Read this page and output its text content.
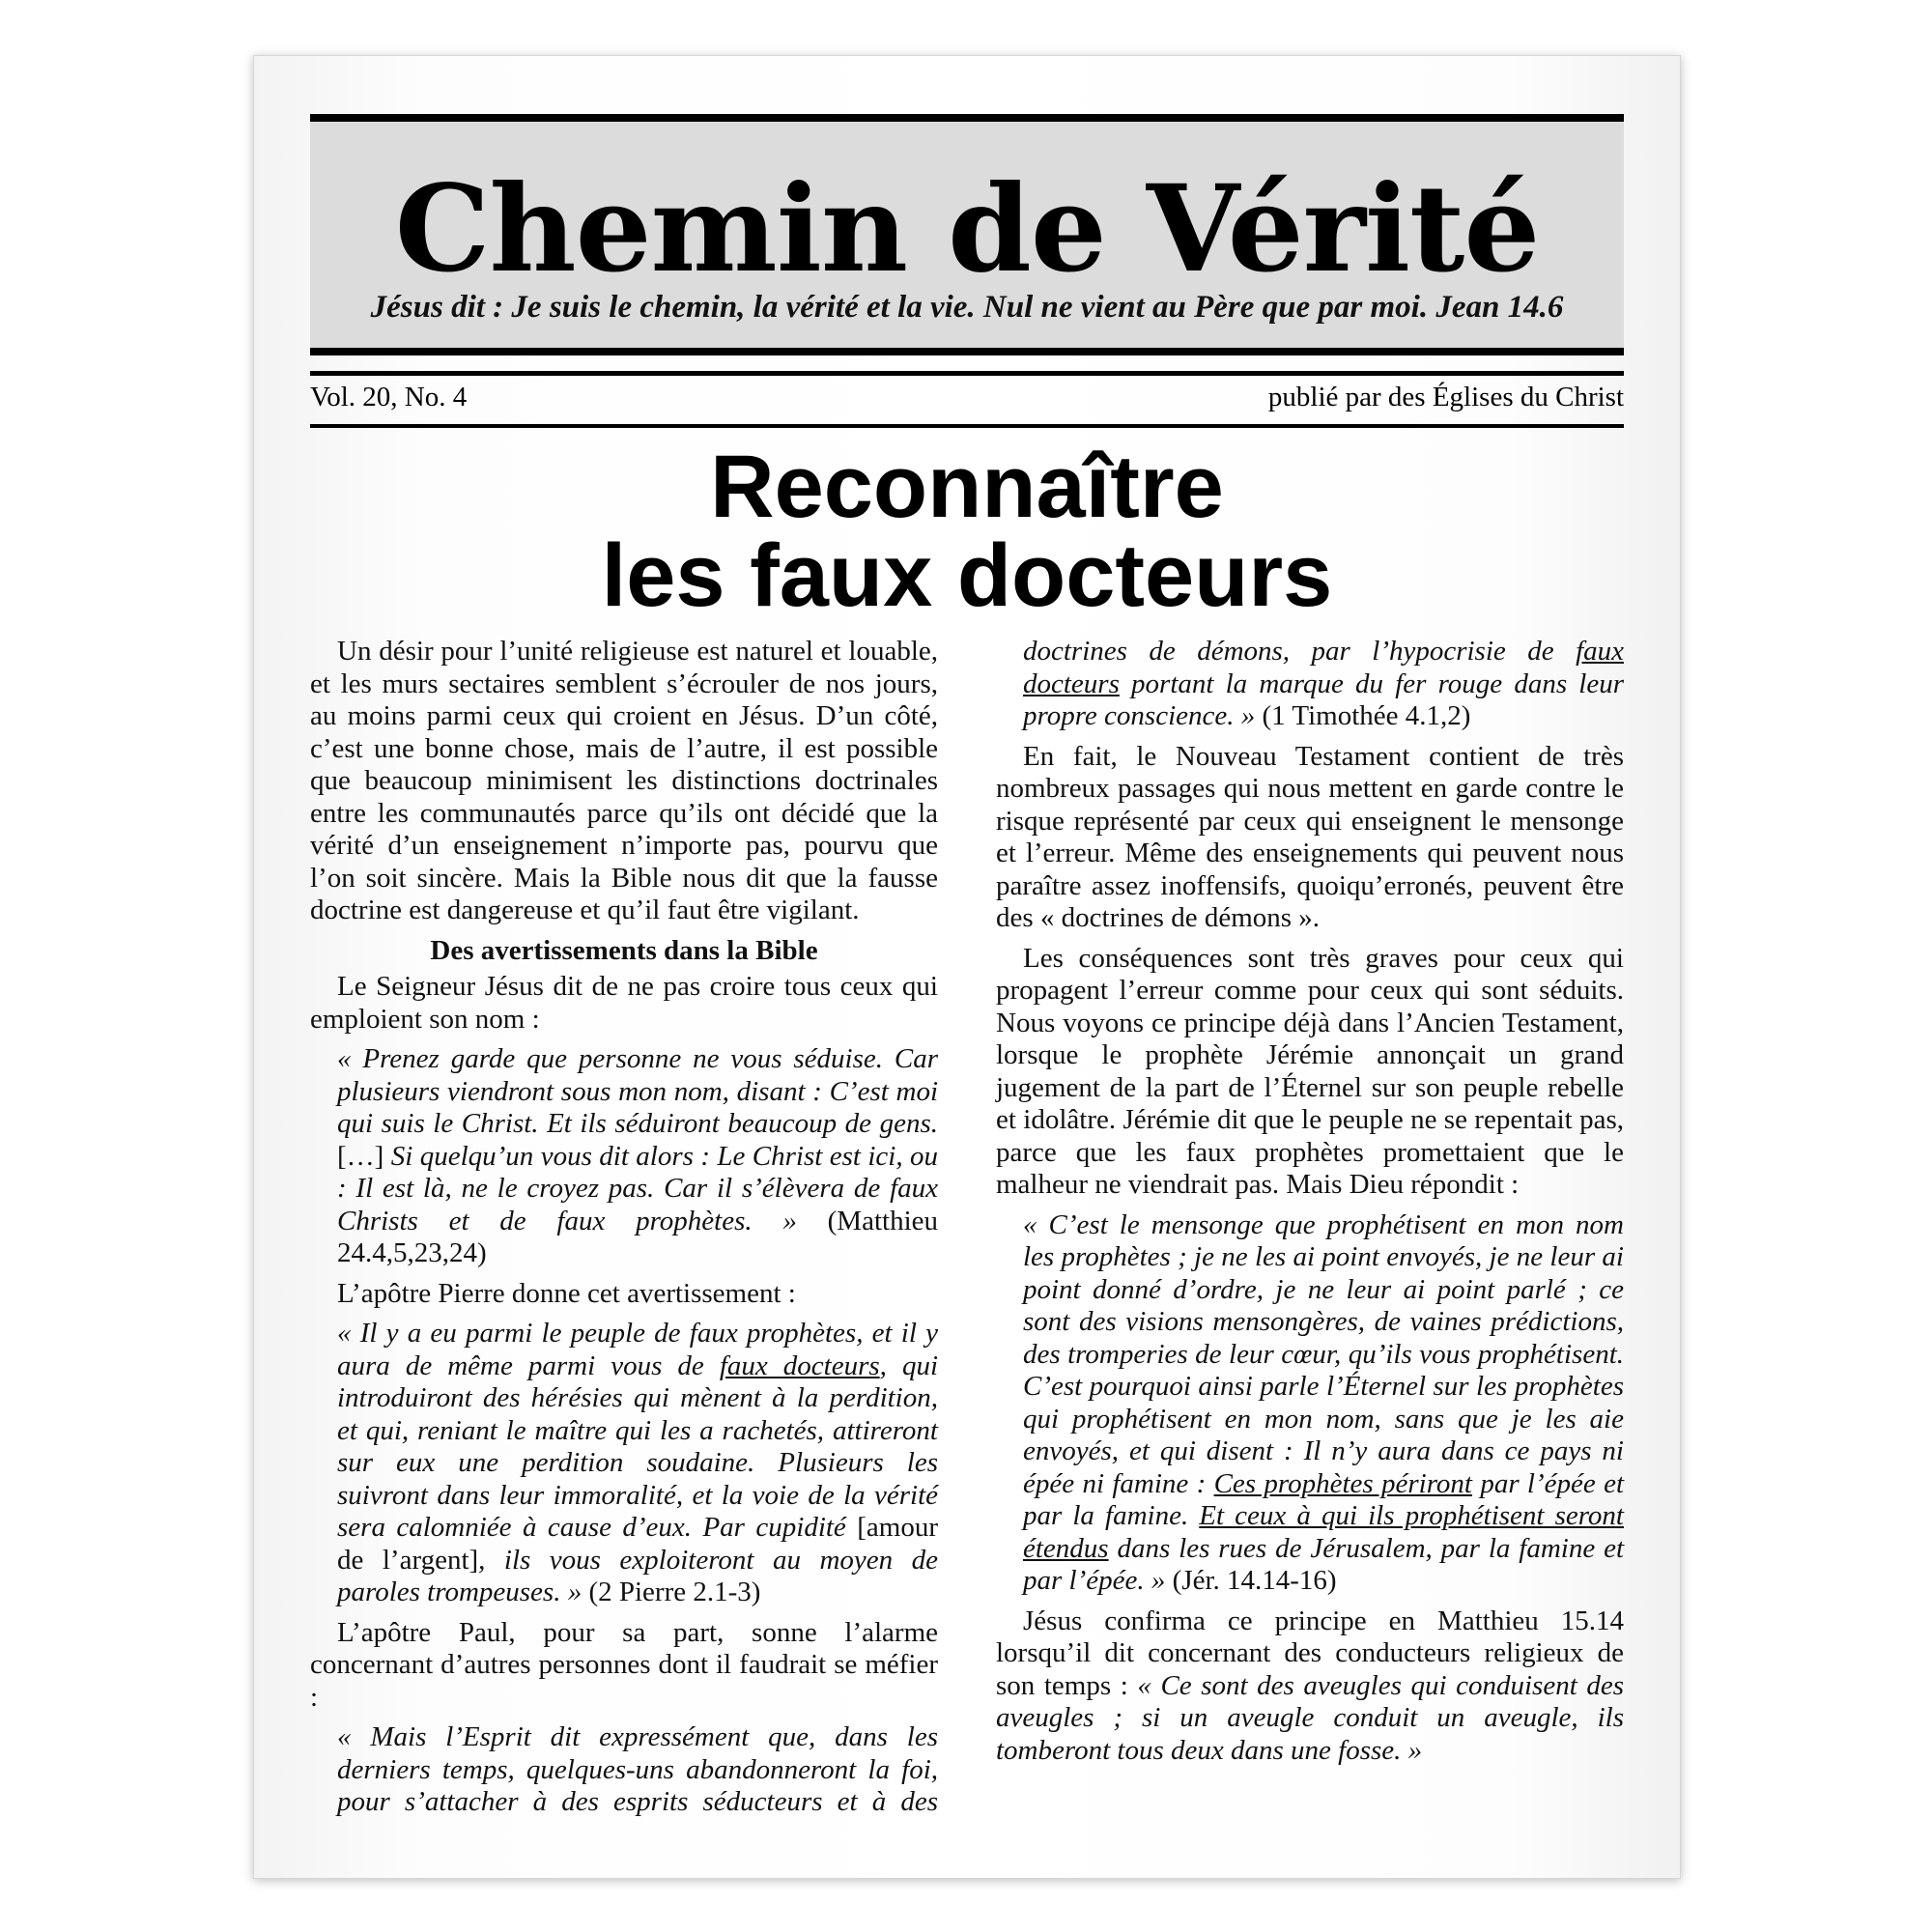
Chemin de Vérité
Jésus dit : Je suis le chemin, la vérité et la vie. Nul ne vient au Père que par moi. Jean 14.6
Vol. 20, No. 4	publié par des Églises du Christ
Reconnaître
les faux docteurs
Un désir pour l’unité religieuse est naturel et louable, et les murs sectaires semblent s’écrouler de nos jours, au moins parmi ceux qui croient en Jésus. D’un côté, c’est une bonne chose, mais de l’autre, il est possible que beaucoup minimisent les distinctions doctrinales entre les communautés parce qu’ils ont décidé que la vérité d’un enseignement n’importe pas, pourvu que l’on soit sincère. Mais la Bible nous dit que la fausse doctrine est dangereuse et qu’il faut être vigilant.
Des avertissements dans la Bible
Le Seigneur Jésus dit de ne pas croire tous ceux qui emploient son nom :
« Prenez garde que personne ne vous séduise. Car plusieurs viendront sous mon nom, disant : C’est moi qui suis le Christ. Et ils séduiront beaucoup de gens. […] Si quelqu’un vous dit alors : Le Christ est ici, ou : Il est là, ne le croyez pas. Car il s’élèvera de faux Christs et de faux prophètes. » (Matthieu 24.4,5,23,24)
L’apôtre Pierre donne cet avertissement :
« Il y a eu parmi le peuple de faux prophètes, et il y aura de même parmi vous de faux docteurs, qui introduiront des hérésies qui mènent à la perdition, et qui, reniant le maître qui les a rachetés, attireront sur eux une perdition soudaine. Plusieurs les suivront dans leur immoralité, et la voie de la vérité sera calomniée à cause d’eux. Par cupidité [amour de l’argent], ils vous exploiteront au moyen de paroles trompeuses. » (2 Pierre 2.1-3)
L’apôtre Paul, pour sa part, sonne l’alarme concernant d’autres personnes dont il faudrait se méfier :
« Mais l’Esprit dit expressément que, dans les derniers temps, quelques-uns abandonneront la foi, pour s’attacher à des esprits séducteurs et à des doctrines de démons, par l’hypocrisie de faux docteurs portant la marque du fer rouge dans leur propre conscience. » (1 Timothée 4.1,2)
En fait, le Nouveau Testament contient de très nombreux passages qui nous mettent en garde contre le risque représenté par ceux qui enseignent le mensonge et l’erreur. Même des enseignements qui peuvent nous paraître assez inoffensifs, quoiqu’erronés, peuvent être des « doctrines de démons ».
Les conséquences sont très graves pour ceux qui propagent l’erreur comme pour ceux qui sont séduits. Nous voyons ce principe déjà dans l’Ancien Testament, lorsque le prophète Jérémie annonçait un grand jugement de la part de l’Éternel sur son peuple rebelle et idolâtre. Jérémie dit que le peuple ne se repentait pas, parce que les faux prophètes promettaient que le malheur ne viendrait pas. Mais Dieu répondit :
« C’est le mensonge que prophétisent en mon nom les prophètes ; je ne les ai point envoyés, je ne leur ai point donné d’ordre, je ne leur ai point parlé ; ce sont des visions mensongères, de vaines prédictions, des tromperies de leur cœur, qu’ils vous prophétisent. C’est pourquoi ainsi parle l’Éternel sur les prophètes qui prophétisent en mon nom, sans que je les aie envoyés, et qui disent : Il n’y aura dans ce pays ni épée ni famine : Ces prophètes périront par l’épée et par la famine. Et ceux à qui ils prophétisent seront étendus dans les rues de Jérusalem, par la famine et par l’épée. » (Jér. 14.14-16)
Jésus confirma ce principe en Matthieu 15.14 lorsqu’il dit concernant des conducteurs religieux de son temps : « Ce sont des aveugles qui conduisent des aveugles ; si un aveugle conduit un aveugle, ils tomberont tous deux dans une fosse. »
